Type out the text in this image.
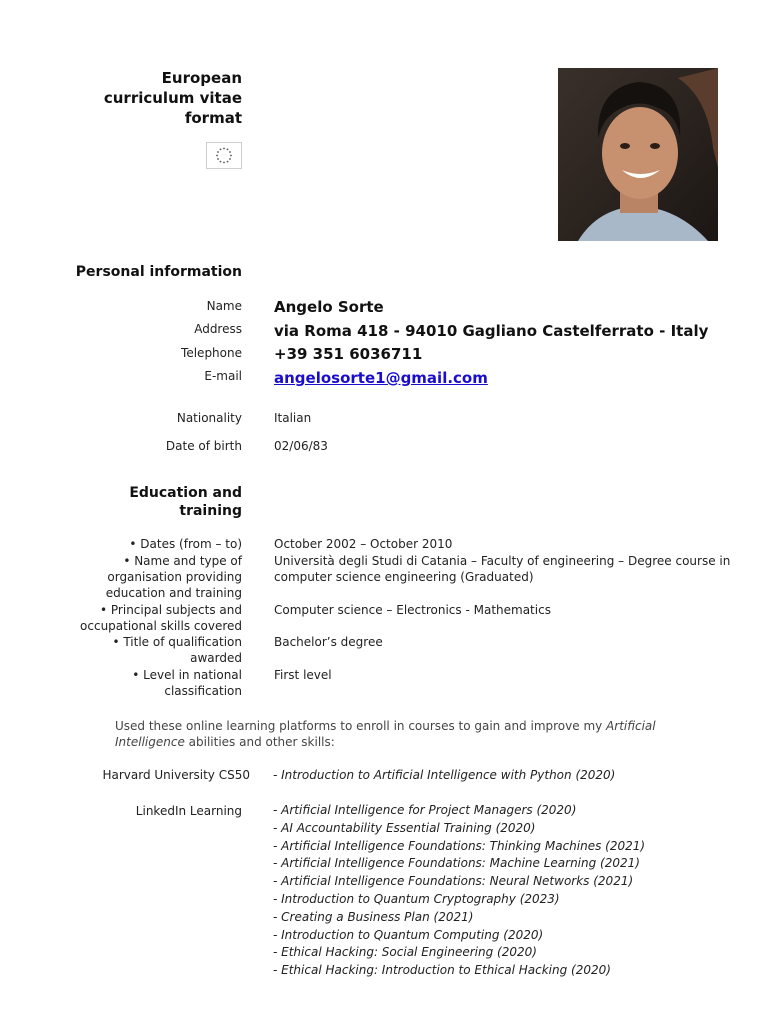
European
curriculum vitae
format
Personal information
Name Angelo Sorte
Address via Roma 418 - 94010 Gagliano Castelferrato - Italy
Telephone +39 351 6036711
E-mail angelosorte1@gmail.com
Nationality	Italian
Date of birth	02/06/83
Education and
training
• Dates (from – to)	October 2002 – October 2010
• Name and type of
organisation providing
education and training
Università degli Studi di Catania – Faculty of engineering – Degree course in
computer science engineering (Graduated)
• Principal subjects and
occupational skills covered
Computer science – Electronics - Mathematics
• Title of qualification
awarded
Bachelor’s degree
• Level in national
classification
First level
Used these online learning platforms to enroll in courses to gain and improve my Artificial Intelligence abilities and other skills:
Harvard University CS50 - Introduction to Artificial Intelligence with Python (2020)
LinkedIn Learning	- Artificial Intelligence for Project Managers (2020)
- AI Accountability Essential Training (2020)
- Artificial Intelligence Foundations: Thinking Machines (2021)
- Artificial Intelligence Foundations: Machine Learning (2021)
- Artificial Intelligence Foundations: Neural Networks (2021)
- Introduction to Quantum Cryptography (2023)
- Creating a Business Plan (2021)
- Introduction to Quantum Computing (2020)
- Ethical Hacking: Social Engineering (2020)
- Ethical Hacking: Introduction to Ethical Hacking (2020)
